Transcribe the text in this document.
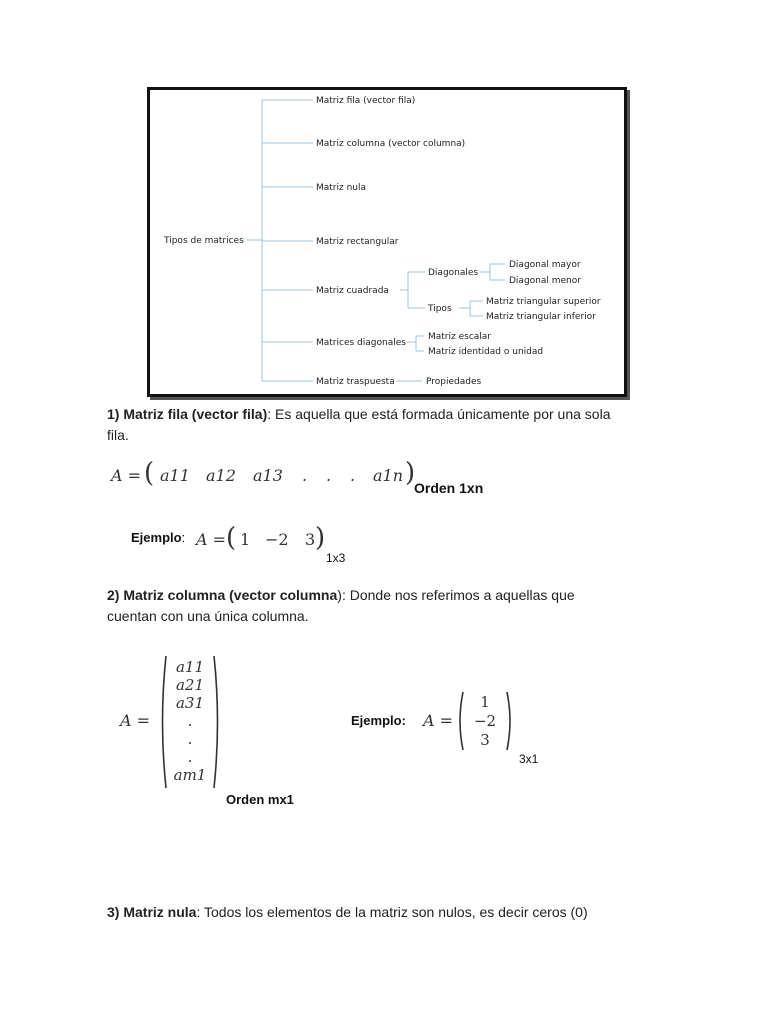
Tipos de matrices
Matriz fila (vector fila)
Matriz columna (vector columna)
Matriz nula
Matriz rectangular
Matriz cuadrada
Matrices diagonales
Matriz traspuesta
Diagonales
Diagonal mayor
Diagonal menor
Tipos
Matriz triangular superior
Matriz triangular inferior
Matriz escalar
Matriz identidad o unidad
Propiedades
1) Matriz fila (vector fila): Es aquella que está formada únicamente por una sola
fila.
A = ( a11 a12 a13 . . . a1n )
Orden 1xn
Ejemplo: A = ( 1 −2 3 )
1x3
2) Matriz columna (vector columna): Donde nos referimos a aquellas que
cuentan con una única columna.
A =
a11
a21
a31
.
.
.
am1
Orden mx1
Ejemplo: A =
1
−2
3
3x1
3) Matriz nula: Todos los elementos de la matriz son nulos, es decir ceros (0)
